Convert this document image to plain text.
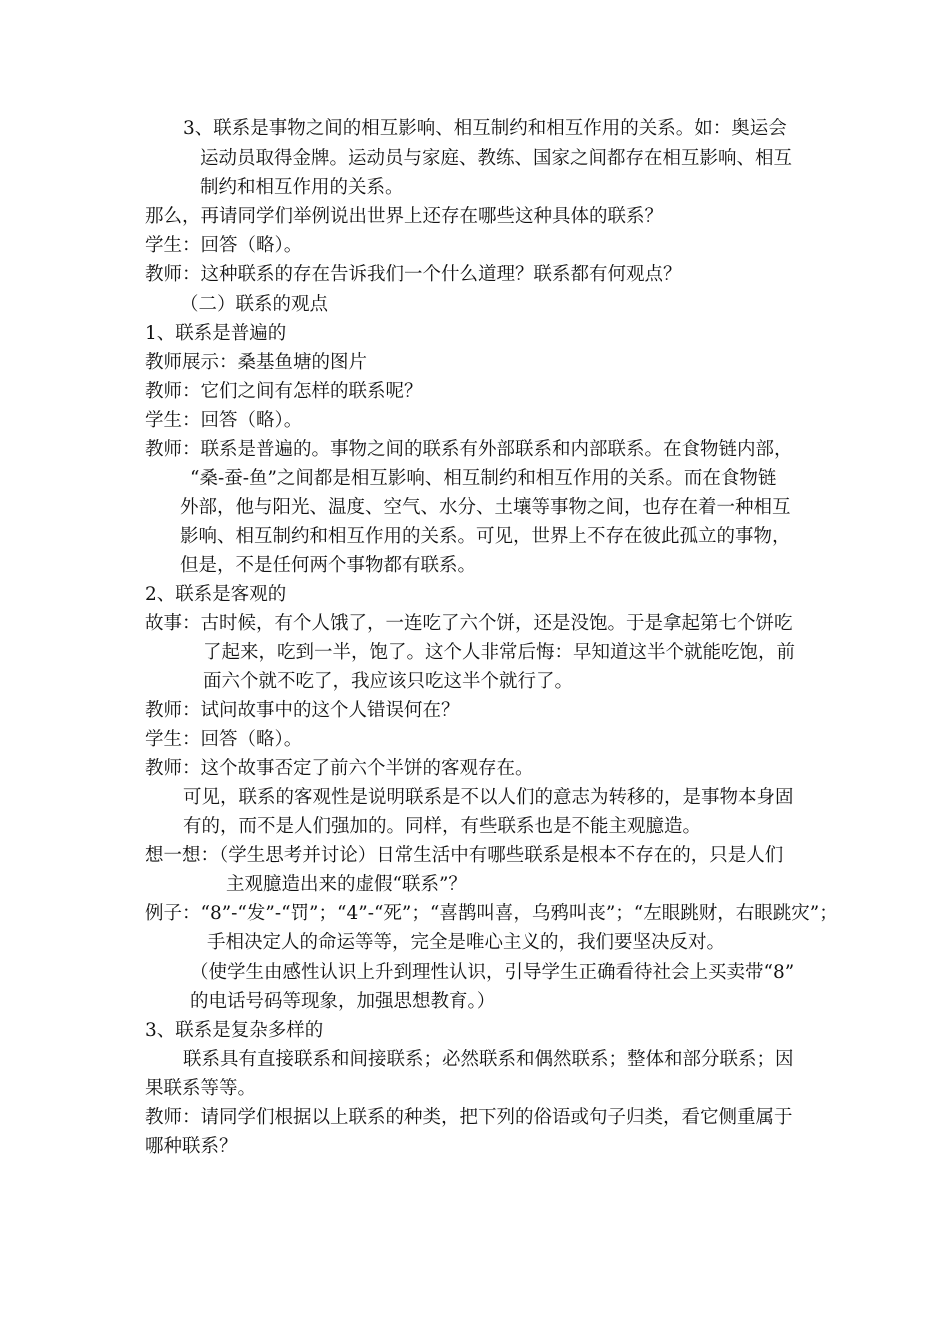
3、联系是事物之间的相互影响、相互制约和相互作用的关系。如：奥运会
运动员取得金牌。运动员与家庭、教练、国家之间都存在相互影响、相互
制约和相互作用的关系。
那么，再请同学们举例说出世界上还存在哪些这种具体的联系？
学生：回答（略）。
教师：这种联系的存在告诉我们一个什么道理？联系都有何观点？
（二）联系的观点
1、联系是普遍的
教师展示：桑基鱼塘的图片
教师：它们之间有怎样的联系呢？
学生：回答（略）。
教师：联系是普遍的。事物之间的联系有外部联系和内部联系。在食物链内部，
“桑-蚕-鱼”之间都是相互影响、相互制约和相互作用的关系。而在食物链
外部，他与阳光、温度、空气、水分、土壤等事物之间，也存在着一种相互
影响、相互制约和相互作用的关系。可见，世界上不存在彼此孤立的事物，
但是，不是任何两个事物都有联系。
2、联系是客观的
故事：古时候，有个人饿了，一连吃了六个饼，还是没饱。于是拿起第七个饼吃
了起来，吃到一半，饱了。这个人非常后悔：早知道这半个就能吃饱，前
面六个就不吃了，我应该只吃这半个就行了。
教师：试问故事中的这个人错误何在？
学生：回答（略）。
教师：这个故事否定了前六个半饼的客观存在。
可见，联系的客观性是说明联系是不以人们的意志为转移的，是事物本身固
有的，而不是人们强加的。同样，有些联系也是不能主观臆造。
想一想：（学生思考并讨论）日常生活中有哪些联系是根本不存在的，只是人们
主观臆造出来的虚假“联系”？
例子：“8”-“发”-“罚”；“4”-“死”；“喜鹊叫喜，乌鸦叫丧”；“左眼跳财，右眼跳灾”；
手相决定人的命运等等，完全是唯心主义的，我们要坚决反对。
（使学生由感性认识上升到理性认识，引导学生正确看待社会上买卖带“8”
的电话号码等现象，加强思想教育。）
3、联系是复杂多样的
联系具有直接联系和间接联系；必然联系和偶然联系；整体和部分联系；因
果联系等等。
教师：请同学们根据以上联系的种类，把下列的俗语或句子归类，看它侧重属于
哪种联系？
